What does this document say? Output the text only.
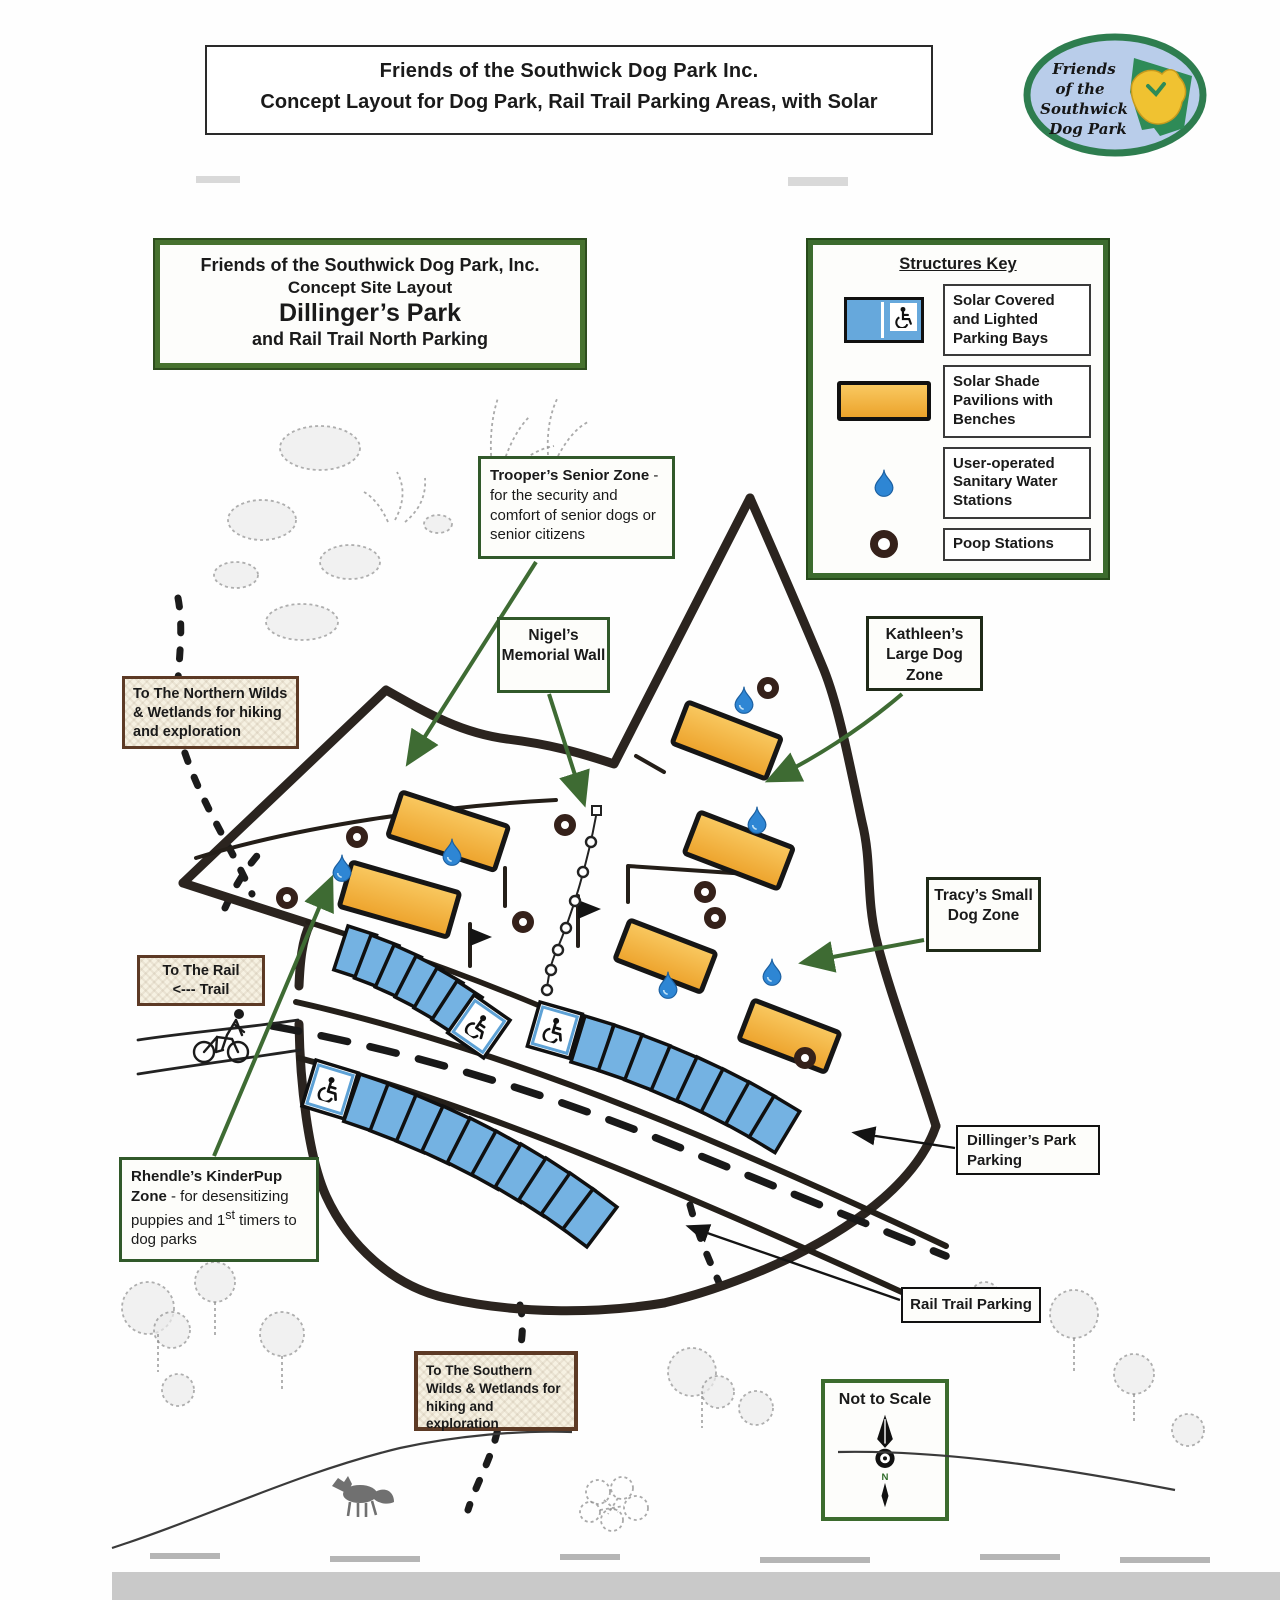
Friends of the Southwick Dog Park Inc.
Concept Layout for Dog Park, Rail Trail Parking Areas, with Solar
Friends
of the
Southwick
Dog Park
Friends of the Southwick Dog Park, Inc.
Concept Site Layout
Dillinger’s Park
and Rail Trail North Parking
Structures Key
Solar Covered and Lighted Parking Bays
Solar Shade Pavilions with Benches
User-operated Sanitary Water Stations
Poop Stations
Trooper’s Senior Zone - for the security and comfort of senior dogs or senior citizens
Nigel’s Memorial Wall
Kathleen’s Large Dog Zone
To The Northern Wilds & Wetlands for hiking and exploration
To The Rail
<--- Trail
Tracy’s Small Dog Zone
Rhendle’s KinderPup Zone - for desensitizing puppies and 1st timers to dog parks
Dillinger’s Park Parking
Rail Trail Parking
To The Southern Wilds & Wetlands for hiking and exploration
Not to Scale
N
